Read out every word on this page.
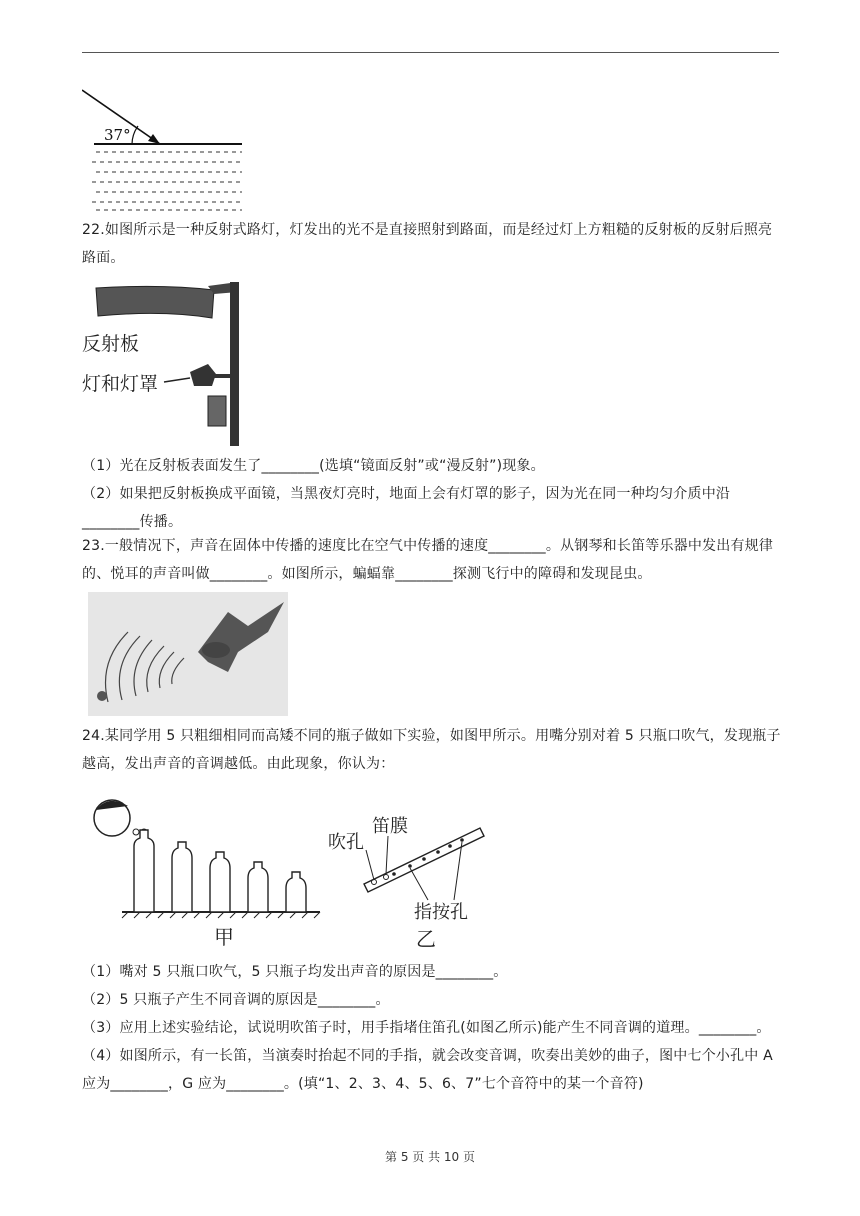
37°
22.如图所示是一种反射式路灯，灯发出的光不是直接照射到路面，而是经过灯上方粗糙的反射板的反射后照亮路面。
反射板
灯和灯罩
（1）光在反射板表面发生了________(选填“镜面反射”或“漫反射”)现象。
（2）如果把反射板换成平面镜，当黑夜灯亮时，地面上会有灯罩的影子，因为光在同一种均匀介质中沿________传播。
23.一般情况下，声音在固体中传播的速度比在空气中传播的速度________。从钢琴和长笛等乐器中发出有规律的、悦耳的声音叫做________。如图所示，蝙蝠靠________探测飞行中的障碍和发现昆虫。
24.某同学用 5 只粗细相同而高矮不同的瓶子做如下实验，如图甲所示。用嘴分别对着 5 只瓶口吹气，发现瓶子越高，发出声音的音调越低。由此现象，你认为：
甲
吹孔
笛膜
指按孔
乙
（1）嘴对 5 只瓶口吹气，5 只瓶子均发出声音的原因是________。
（2）5 只瓶子产生不同音调的原因是________。
（3）应用上述实验结论，试说明吹笛子时，用手指堵住笛孔(如图乙所示)能产生不同音调的道理。________。
（4）如图所示，有一长笛，当演奏时抬起不同的手指，就会改变音调，吹奏出美妙的曲子，图中七个小孔中 A 应为________，G 应为________。(填“1、2、3、4、5、6、7”七个音符中的某一个音符)
第 5 页 共 10 页
